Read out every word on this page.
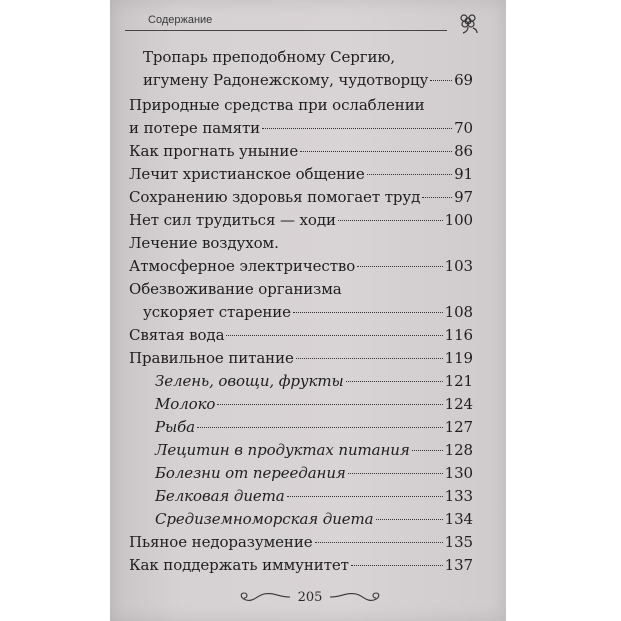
Содержание
Тропарь преподобному Сергию,
игумену Радонежскому, чудотворцу 69
Природные средства при ослаблении
и потере памяти	70
Как прогнать уныние	86
Лечит христианское общение	91
Сохранению здоровья помогает труд 97
Нет сил трудиться — ходи	100
Лечение воздухом.
Атмосферное электричество	103
Обезвоживание организма
ускоряет старение	108
Святая вода	116
Правильное питание	119
Зелень, овощи, фрукты	121
Молоко	124
Рыба	127
Лецитин в продуктах питания 128
Болезни от переедания	130
Белковая диета	133
Средиземноморская диета	134
Пьяное недоразумение	135
Как поддержать иммунитет	137
205
